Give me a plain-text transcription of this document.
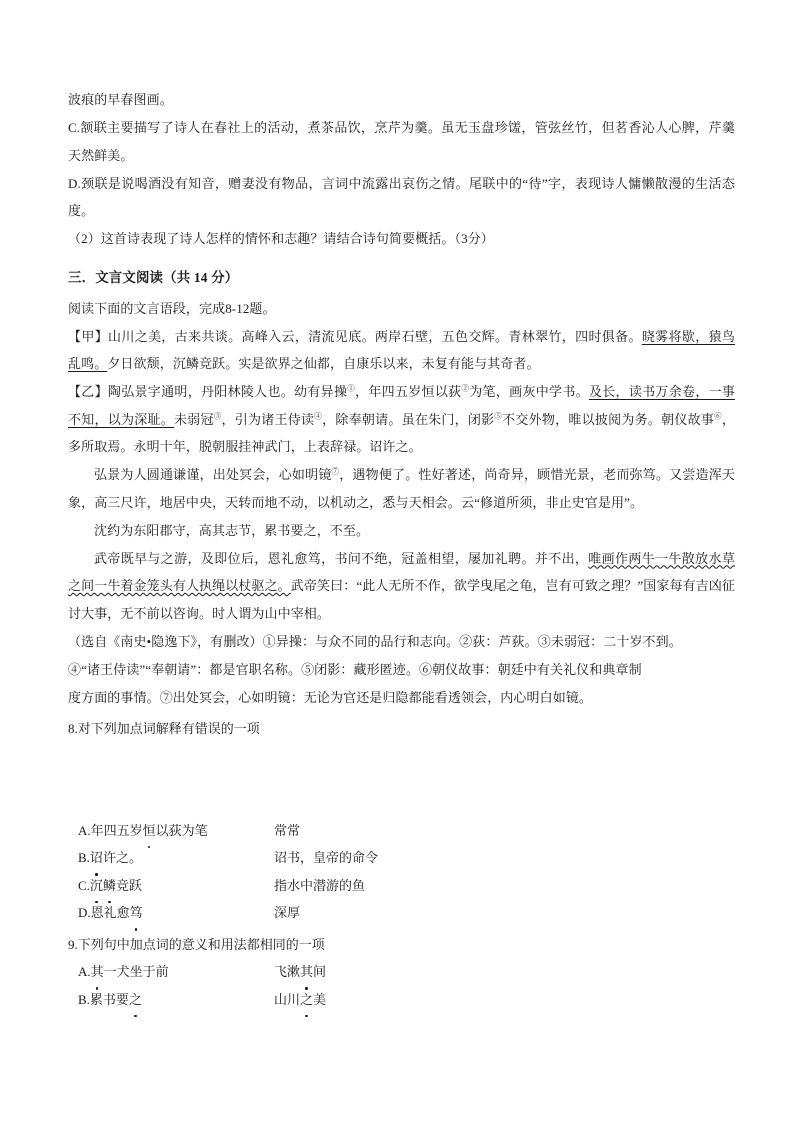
波痕的早春图画。

C.颔联主要描写了诗人在春社上的活动，煮茶品饮，烹芹为羹。虽无玉盘珍馐，管弦丝竹，但茗香沁人心脾，芹羹天然鲜美。

D.颈联是说喝酒没有知音，赠妻没有物品，言词中流露出哀伤之情。尾联中的“待”字，表现诗人慵懒散漫的生活态度。

（2）这首诗表现了诗人怎样的情怀和志趣？请结合诗句简要概括。（3分）

三．文言文阅读（共 14 分）

阅读下面的文言语段，完成8-12题。

【甲】山川之美，古来共谈。高峰入云，清流见底。两岸石壁，五色交辉。青林翠竹，四时俱备。晓雾将歇，猿鸟乱鸣。夕日欲颓，沉鳞竞跃。实是欲界之仙都，自康乐以来，未复有能与其奇者。

【乙】陶弘景字通明，丹阳林陵人也。幼有异操①，年四五岁恒以荻②为笔，画灰中学书。及长，读书万余卷，一事不知，以为深耻。未弱冠③，引为诸王侍读④，除奉朝请。虽在朱门，闭影⑤不交外物，唯以披阅为务。朝仪故事⑥，多所取焉。永明十年，脱朝服挂神武门，上表辞禄。诏许之。

弘景为人圆通谦谨，出处冥会，心如明镜⑦，遇物便了。性好著述，尚奇异，顾惜光景，老而弥笃。又尝造浑天象，高三尺许，地居中央，天转而地不动，以机动之，悉与天相会。云“修道所须，非止史官是用”。

沈约为东阳郡守，高其志节，累书要之，不至。

武帝既早与之游，及即位后，恩礼愈笃，书问不绝，冠盖相望，屡加礼聘。并不出，唯画作两牛一牛散放水草之间一牛着金笼头有人执绳以杖驱之。武帝笑曰：“此人无所不作，欲学曳尾之龟，岂有可致之理？”国家每有吉凶征讨大事，无不前以咨询。时人谓为山中宰相。

（选自《南史•隐逸下》，有删改）①异操：与众不同的品行和志向。②荻：芦荻。③未弱冠：二十岁不到。

④“诸王侍读”“奉朝请”：都是官职名称。⑤闭影：藏形匿迹。⑥朝仪故事：朝廷中有关礼仪和典章制

度方面的事情。⑦出处冥会，心如明镜：无论为官还是归隐都能看透领会，内心明白如镜。

8.对下列加点词解释有错误的一项

A.年四五岁恒以荻为笔	常常
B.诏许之。	诏书，皇帝的命令
C.沉鳞竞跃	指水中潜游的鱼
D.恩礼愈笃	深厚

9.下列句中加点词的意义和用法都相同的一项

A.其一犬坐于前	飞漱其间
B.累书要之	山川之美
